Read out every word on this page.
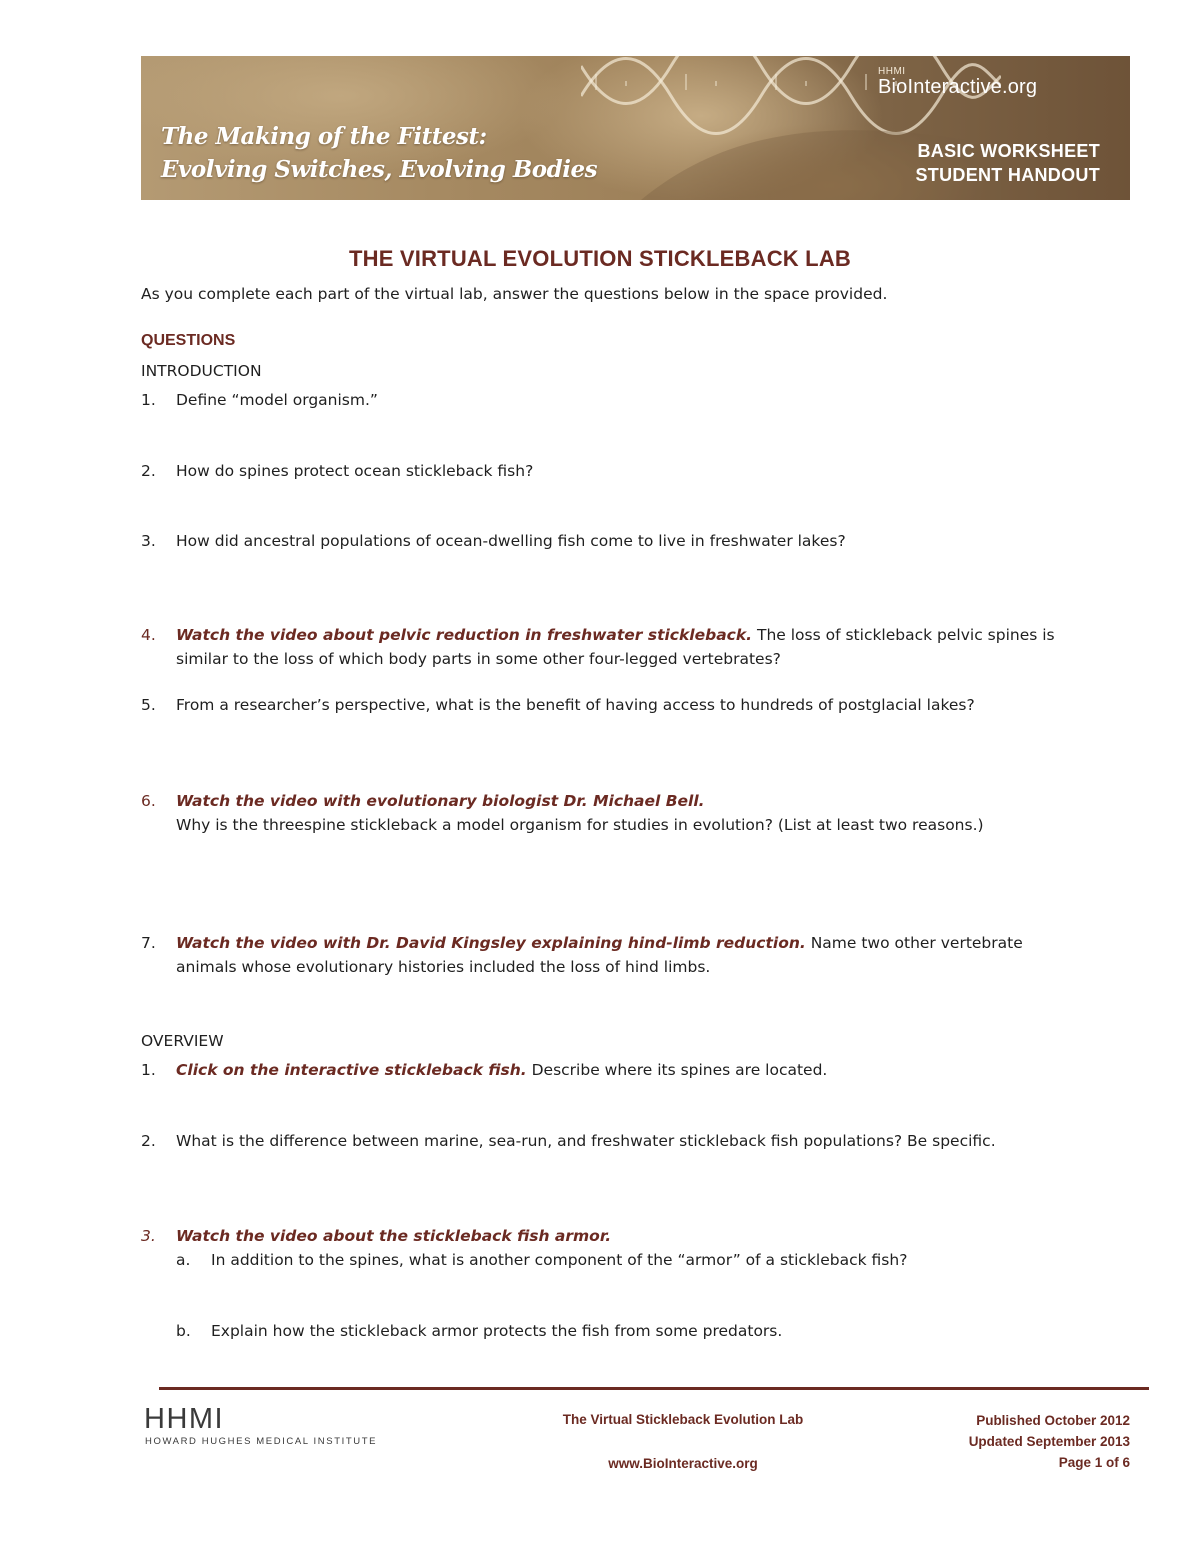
The Making of the Fittest:
Evolving Switches, Evolving Bodies
HHMI
BioInteractive.org
BASIC WORKSHEET
STUDENT HANDOUT
THE VIRTUAL EVOLUTION STICKLEBACK LAB
As you complete each part of the virtual lab, answer the questions below in the space provided.
QUESTIONS
INTRODUCTION
1. Define “model organism.”
2. How do spines protect ocean stickleback fish?
3. How did ancestral populations of ocean-dwelling fish come to live in freshwater lakes?
4. Watch the video about pelvic reduction in freshwater stickleback. The loss of stickleback pelvic spines is
similar to the loss of which body parts in some other four-legged vertebrates?
5. From a researcher’s perspective, what is the benefit of having access to hundreds of postglacial lakes?
6. Watch the video with evolutionary biologist Dr. Michael Bell.
Why is the threespine stickleback a model organism for studies in evolution? (List at least two reasons.)
7. Watch the video with Dr. David Kingsley explaining hind-limb reduction. Name two other vertebrate
animals whose evolutionary histories included the loss of hind limbs.
OVERVIEW
1. Click on the interactive stickleback fish. Describe where its spines are located.
2. What is the difference between marine, sea-run, and freshwater stickleback fish populations? Be specific.
3. Watch the video about the stickleback fish armor.
a. In addition to the spines, what is another component of the “armor” of a stickleback fish?
b. Explain how the stickleback armor protects the fish from some predators.
HHMI
HOWARD HUGHES MEDICAL INSTITUTE
The Virtual Stickleback Evolution Lab
www.BioInteractive.org
Published October 2012
Updated September 2013
Page 1 of 6
